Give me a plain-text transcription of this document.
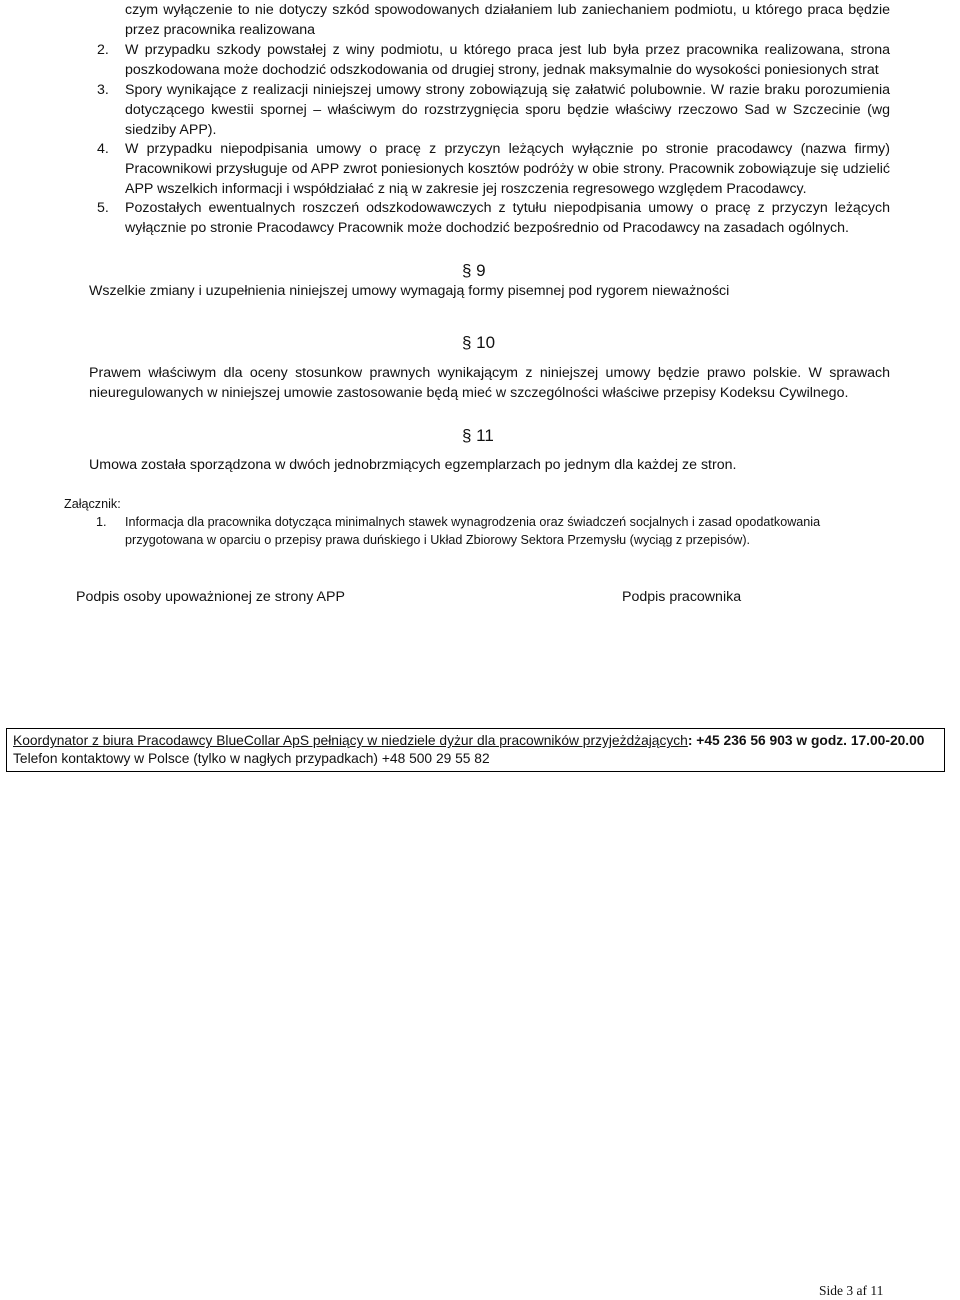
czym wyłączenie to nie dotyczy szkód spowodowanych działaniem lub zaniechaniem podmiotu, u którego praca będzie
przez pracownika realizowana
2. W przypadku szkody powstałej z winy podmiotu, u którego praca jest lub była przez pracownika realizowana, strona
poszkodowana może dochodzić odszkodowania od drugiej strony, jednak maksymalnie do wysokości poniesionych strat
3. Spory wynikające z realizacji niniejszej umowy strony zobowiązują się załatwić polubownie. W razie braku porozumienia
dotyczącego kwestii spornej – właściwym do rozstrzygnięcia sporu będzie właściwy rzeczowo Sad w Szczecinie (wg
siedziby APP).
4. W przypadku niepodpisania umowy o pracę z przyczyn leżących wyłącznie po stronie pracodawcy (nazwa firmy)
Pracownikowi przysługuje od APP zwrot poniesionych kosztów podróży w obie strony. Pracownik zobowiązuje się udzielić
APP wszelkich informacji i współdziałać z nią w zakresie jej roszczenia regresowego względem Pracodawcy.
5. Pozostałych ewentualnych roszczeń odszkodowawczych z tytułu niepodpisania umowy o pracę z przyczyn leżących
wyłącznie po stronie Pracodawcy Pracownik może dochodzić bezpośrednio od Pracodawcy na zasadach ogólnych.
§ 9
Wszelkie zmiany i uzupełnienia niniejszej umowy wymagają formy pisemnej pod rygorem nieważności
§ 10
Prawem właściwym dla oceny stosunkow prawnych wynikającym z niniejszej umowy będzie prawo polskie. W sprawach
nieuregulowanych w niniejszej umowie zastosowanie będą mieć w szczególności właściwe przepisy Kodeksu Cywilnego.
§ 11
Umowa została sporządzona w dwóch jednobrzmiących egzemplarzach po jednym dla każdej ze stron.
Załącznik:
1. Informacja dla pracownika dotycząca minimalnych stawek wynagrodzenia oraz świadczeń socjalnych i zasad opodatkowania
przygotowana w oparciu o przepisy prawa duńskiego i Układ Zbiorowy Sektora Przemysłu (wyciąg z przepisów).
Podpis osoby upoważnionej ze strony APP	Podpis pracownika
Koordynator z biura Pracodawcy BlueCollar ApS pełniący w niedziele dyżur dla pracowników przyjeżdżających: +45 236 56 903 w godz. 17.00-20.00
Telefon kontaktowy w Polsce (tylko w nagłych przypadkach) +48 500 29 55 82
Side 3 af 11
